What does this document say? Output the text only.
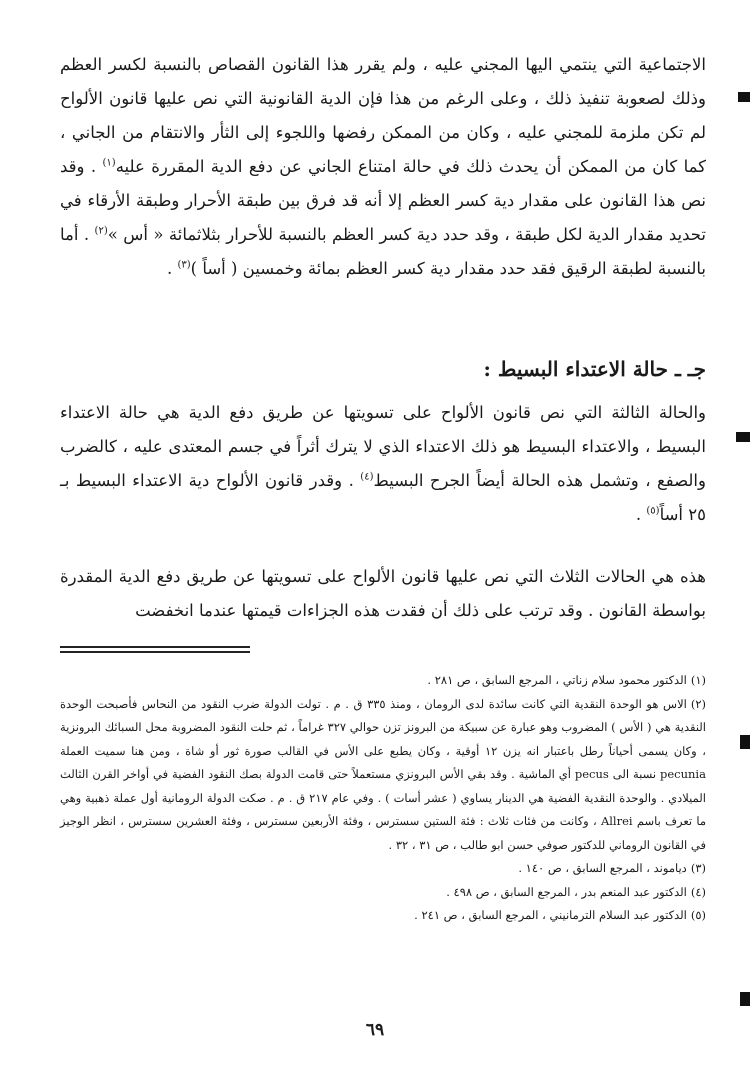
الاجتماعية التي ينتمي اليها المجني عليه ، ولم يقرر هذا القانون القصاص بالنسبة لكسر العظم وذلك لصعوبة تنفيذ ذلك ، وعلى الرغم من هذا فإن الدية القانونية التي نص عليها قانون الألواح لم تكن ملزمة للمجني عليه ، وكان من الممكن رفضها واللجوء إلى الثأر والانتقام من الجاني ، كما كان من الممكن أن يحدث ذلك في حالة امتناع الجاني عن دفع الدية المقررة عليه$^{(١)}$ . وقد نص هذا القانون على مقدار دية كسر العظم إلا أنه قد فرق بين طبقة الأحرار وطبقة الأرقاء في تحديد مقدار الدية لكل طبقة ، وقد حدد دية كسر العظم بالنسبة للأحرار بثلاثمائة « أس »$^{(٢)}$ . أما بالنسبة لطبقة الرقيق فقد حدد مقدار دية كسر العظم بمائة وخمسين ( أساً )$^{(٣)}$ .

جـ ـ حالة الاعتداء البسيط :

والحالة الثالثة التي نص قانون الألواح على تسويتها عن طريق دفع الدية هي حالة الاعتداء البسيط ، والاعتداء البسيط هو ذلك الاعتداء الذي لا يترك أثراً في جسم المعتدى عليه ، كالضرب والصفع ، وتشمل هذه الحالة أيضاً الجرح البسيط$^{(٤)}$ . وقدر قانون الألواح دية الاعتداء البسيط بـ ٢٥ أساً$^{(٥)}$ .

هذه هي الحالات الثلاث التي نص عليها قانون الألواح على تسويتها عن طريق دفع الدية المقدرة بواسطة القانون . وقد ترتب على ذلك أن فقدت هذه الجزاءات قيمتها عندما انخفضت

(١)الدكتور محمود سلام زناتي ، المرجع السابق ، ص ٢٨١ .

(٢)الاس هو الوحدة النقدية التي كانت سائدة لدى الرومان ، ومنذ ٣٣٥ ق . م . تولت الدولة ضرب النقود من النحاس فأصبحت الوحدة النقدية هي ( الأس ) المضروب وهو عبارة عن سبيكة من البرونز تزن حوالي ٣٢٧ غراماً ، ثم حلت النقود المضروبة محل السبائك البرونزية ، وكان يسمى أحياناً رطل باعتبار انه يزن ١٢ أوقية ، وكان يطبع على الأس في القالب صورة ثور أو شاة ، ومن هنا سميت العملة pecunia نسبة الى pecus أي الماشية . وقد بقي الأس البرونزي مستعملاً حتى قامت الدولة بصك النقود الفضية في أواخر القرن الثالث الميلادي . والوحدة النقدية الفضية هي الدينار يساوي ( عشر أسات ) . وفي عام ٢١٧ ق . م . صكت الدولة الرومانية أول عملة ذهبية وهي ما تعرف باسم Allrei ، وكانت من فئات ثلاث : فئة الستين سسترس ، وفئة الأربعين سسترس ، وفئة العشرين سسترس ، انظر الوجيز في القانون الروماني للدكتور صوفي حسن ابو طالب ، ص ٣١ ، ٣٢ .

(٣)دياموند ، المرجع السابق ، ص ١٤٠ .

(٤)الدكتور عبد المنعم بدر ، المرجع السابق ، ص ٤٩٨ .

(٥)الدكتور عبد السلام الترمانيني ، المرجع السابق ، ص ٢٤١ .

٦٩
